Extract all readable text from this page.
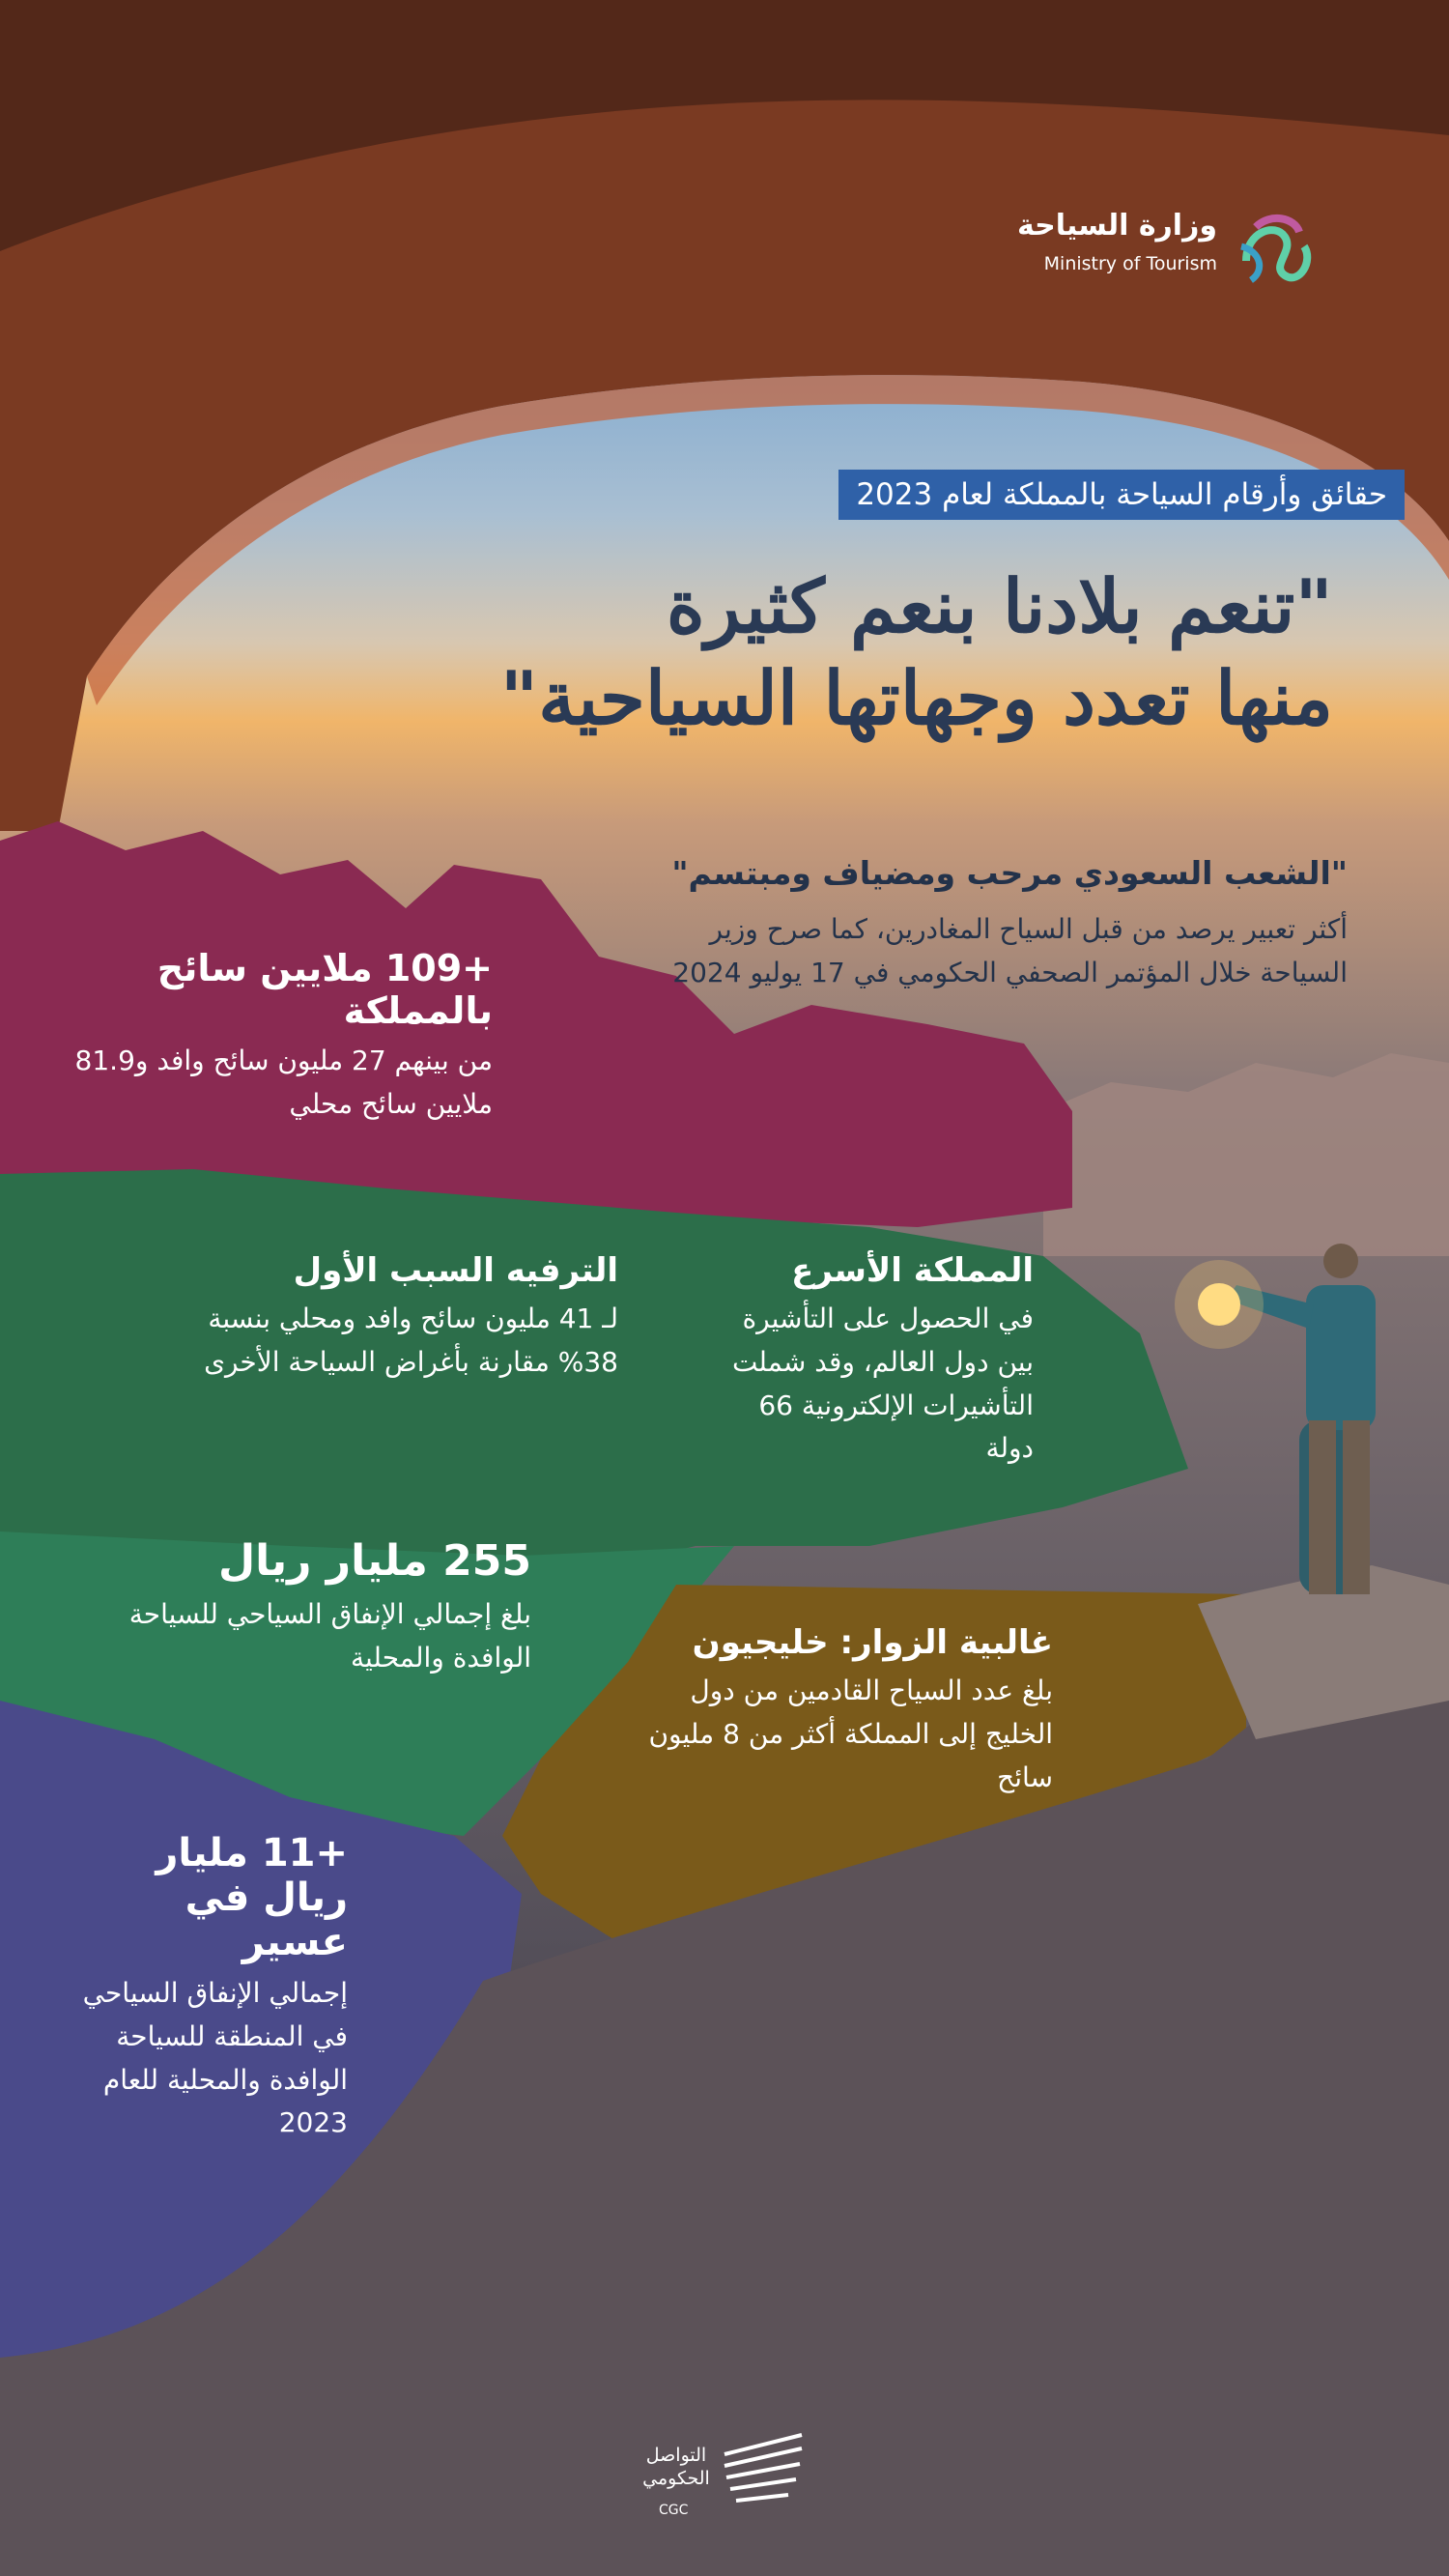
وزارة السياحة
Ministry of Tourism
حقائق وأرقام السياحة بالمملكة لعام 2023
"تنعم بلادنا بنعم كثيرة
منها تعدد وجهاتها السياحية"
"الشعب السعودي مرحب ومضياف ومبتسم"
أكثر تعبير يرصد من قبل السياح المغادرين، كما صرح وزير السياحة خلال المؤتمر الصحفي الحكومي في 17 يوليو 2024
+109 ملايين سائح بالمملكة
من بينهم 27 مليون سائح وافد و81.9 ملايين سائح محلي
الترفيه السبب الأول
لـ 41 مليون سائح وافد ومحلي بنسبة 38% مقارنة بأغراض السياحة الأخرى
المملكة الأسرع
في الحصول على التأشيرة بين دول العالم، وقد شملت التأشيرات الإلكترونية 66 دولة
255 مليار ريال
بلغ إجمالي الإنفاق السياحي للسياحة الوافدة والمحلية	غالبية الزوار: خليجيون
بلغ عدد السياح القادمين من دول الخليج إلى المملكة أكثر من 8 مليون سائح
+11 مليار ريال في عسير
إجمالي الإنفاق السياحي في المنطقة للسياحة الوافدة والمحلية للعام 2023
التواصل
الحكومي
CGC
